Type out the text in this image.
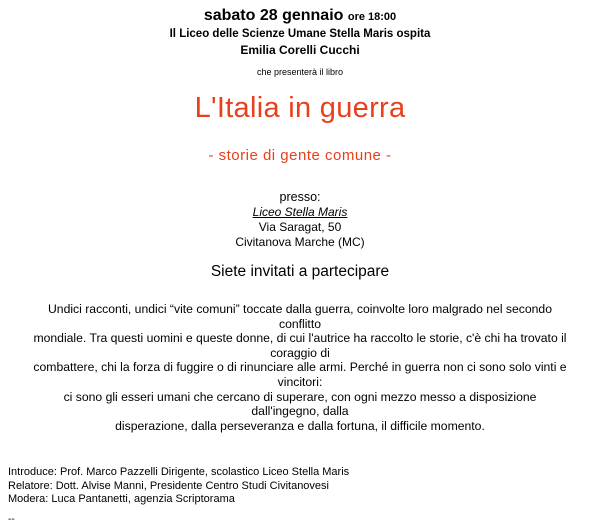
sabato 28 gennaio ore 18:00
Il Liceo delle Scienze Umane Stella Maris ospita
Emilia Corelli Cucchi
che presenterà il libro
L'Italia in guerra
- storie di gente comune -
presso:
Liceo Stella Maris
Via Saragat, 50
Civitanova Marche (MC)
Siete invitati a partecipare

Undici racconti, undici “vite comuni” toccate dalla guerra, coinvolte loro malgrado nel secondo

conflitto

mondiale. Tra questi uomini e queste donne, di cui l'autrice ha raccolto le storie, c'è chi ha trovato il

coraggio di

combattere, chi la forza di fuggire o di rinunciare alle armi. Perché in guerra non ci sono solo vinti e

vincitori:

ci sono gli esseri umani che cercano di superare, con ogni mezzo messo a disposizione

dall'ingegno, dalla

disperazione, dalla perseveranza e dalla fortuna, il difficile momento.

Introduce: Prof. Marco Pazzelli Dirigente, scolastico Liceo Stella Maris
Relatore: Dott. Alvise Manni, Presidente Centro Studi Civitanovesi
Modera: Luca Pantanetti, agenzia Scriptorama
--
